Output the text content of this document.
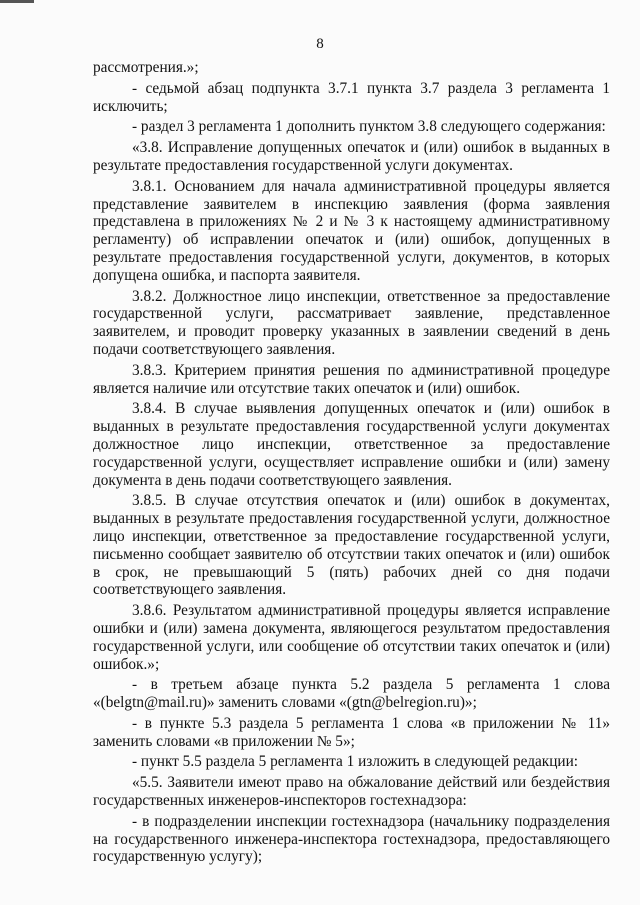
8

рассмотрения.»;

- седьмой абзац подпункта 3.7.1 пункта 3.7 раздела 3 регламента 1 исключить;

- раздел 3 регламента 1 дополнить пунктом 3.8 следующего содержания:

«3.8. Исправление допущенных опечаток и (или) ошибок в выданных в результате предоставления государственной услуги документах.

3.8.1. Основанием для начала административной процедуры является представление заявителем в инспекцию заявления (форма заявления представлена в приложениях № 2 и № 3 к настоящему административному регламенту) об исправлении опечаток и (или) ошибок, допущенных в результате предоставления государственной услуги, документов, в которых допущена ошибка, и паспорта заявителя.

3.8.2. Должностное лицо инспекции, ответственное за предоставление государственной услуги, рассматривает заявление, представленное заявителем, и проводит проверку указанных в заявлении сведений в день подачи соответствующего заявления.

3.8.3. Критерием принятия решения по административной процедуре является наличие или отсутствие таких опечаток и (или) ошибок.

3.8.4. В случае выявления допущенных опечаток и (или) ошибок в выданных в результате предоставления государственной услуги документах должностное лицо инспекции, ответственное за предоставление государственной услуги, осуществляет исправление ошибки и (или) замену документа в день подачи соответствующего заявления.

3.8.5. В случае отсутствия опечаток и (или) ошибок в документах, выданных в результате предоставления государственной услуги, должностное лицо инспекции, ответственное за предоставление государственной услуги, письменно сообщает заявителю об отсутствии таких опечаток и (или) ошибок в срок, не превышающий 5 (пять) рабочих дней со дня подачи соответствующего заявления.

3.8.6. Результатом административной процедуры является исправление ошибки и (или) замена документа, являющегося результатом предоставления государственной услуги, или сообщение об отсутствии таких опечаток и (или) ошибок.»;

- в третьем абзаце пункта 5.2 раздела 5 регламента 1 слова «(belgtn@mail.ru)» заменить словами «(gtn@belregion.ru)»;

- в пункте 5.3 раздела 5 регламента 1 слова «в приложении № 11» заменить словами «в приложении № 5»;

- пункт 5.5 раздела 5 регламента 1 изложить в следующей редакции:

«5.5. Заявители имеют право на обжалование действий или бездействия государственных инженеров-инспекторов гостехнадзора:

- в подразделении инспекции гостехнадзора (начальнику подразделения на государственного инженера-инспектора гостехнадзора, предоставляющего государственную услугу);
